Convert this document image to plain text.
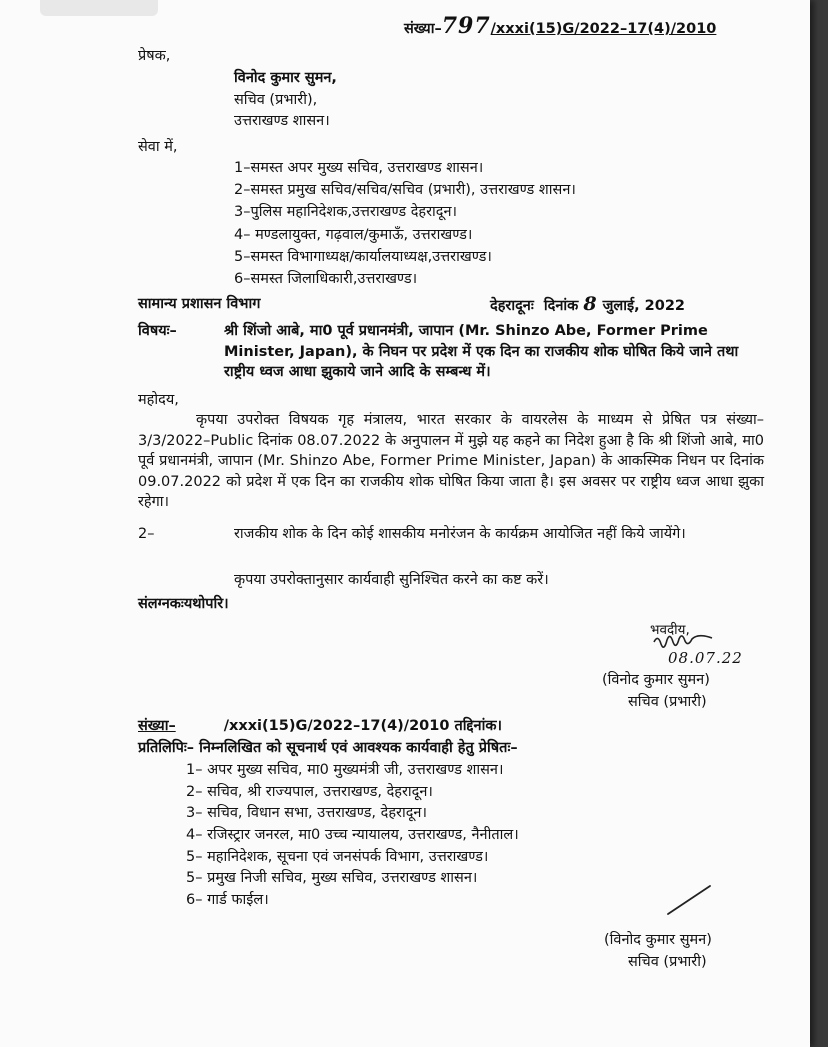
संख्या–797/xxxi(15)G/2022–17(4)/2010
प्रेषक,
विनोद कुमार सुमन,
सचिव (प्रभारी),
उत्तराखण्ड शासन।
सेवा में,
1–समस्त अपर मुख्य सचिव, उत्तराखण्ड शासन।
2–समस्त प्रमुख सचिव/सचिव/सचिव (प्रभारी), उत्तराखण्ड शासन।
3–पुलिस महानिदेशक,उत्तराखण्ड देहरादून।
4– मण्डलायुक्त, गढ़वाल/कुमाऊँ, उत्तराखण्ड।
5–समस्त विभागाध्यक्ष/कार्यालयाध्यक्ष,उत्तराखण्ड।
6–समस्त जिलाधिकारी,उत्तराखण्ड।
सामान्य प्रशासन विभाग	देहरादूनः दिनांक 8 जुलाई, 2022
विषयः–	श्री शिंजो आबे, मा0 पूर्व प्रधानमंत्री, जापान (Mr. Shinzo Abe, Former Prime Minister, Japan), के निघन पर प्रदेश में एक दिन का राजकीय शोक घोषित किये जाने तथा राष्ट्रीय ध्वज आधा झुकाये जाने आदि के सम्बन्ध में।
महोदय,
कृपया उपरोक्त विषयक गृह मंत्रालय, भारत सरकार के वायरलेस के माध्यम से प्रेषित पत्र संख्या–3/3/2022–Public दिनांक 08.07.2022 के अनुपालन में मुझे यह कहने का निदेश हुआ है कि श्री शिंजो आबे, मा0 पूर्व प्रधानमंत्री, जापान (Mr. Shinzo Abe, Former Prime Minister, Japan) के आकस्मिक निधन पर दिनांक 09.07.2022 को प्रदेश में एक दिन का राजकीय शोक घोषित किया जाता है। इस अवसर पर राष्ट्रीय ध्वज आधा झुका रहेगा।
2–	राजकीय शोक के दिन कोई शासकीय मनोरंजन के कार्यक्रम आयोजित नहीं किये जायेंगे।
कृपया उपरोक्तानुसार कार्यवाही सुनिश्चित करने का कष्ट करें।
संलग्नकःयथोपरि।
भवदीय,
08.07.22
(विनोद कुमार सुमन)
सचिव (प्रभारी)
संख्या–	/xxxi(15)G/2022–17(4)/2010 तद्दिनांक।
प्रतिलिपिः– निम्नलिखित को सूचनार्थ एवं आवश्यक कार्यवाही हेतु प्रेषितः–
1– अपर मुख्य सचिव, मा0 मुख्यमंत्री जी, उत्तराखण्ड शासन।
2– सचिव, श्री राज्यपाल, उत्तराखण्ड, देहरादून।
3– सचिव, विधान सभा, उत्तराखण्ड, देहरादून।
4– रजिस्ट्रार जनरल, मा0 उच्च न्यायालय, उत्तराखण्ड, नैनीताल।
5– महानिदेशक, सूचना एवं जनसंपर्क विभाग, उत्तराखण्ड।
5– प्रमुख निजी सचिव, मुख्य सचिव, उत्तराखण्ड शासन।
6– गार्ड फाईल।
(विनोद कुमार सुमन)
सचिव (प्रभारी)
